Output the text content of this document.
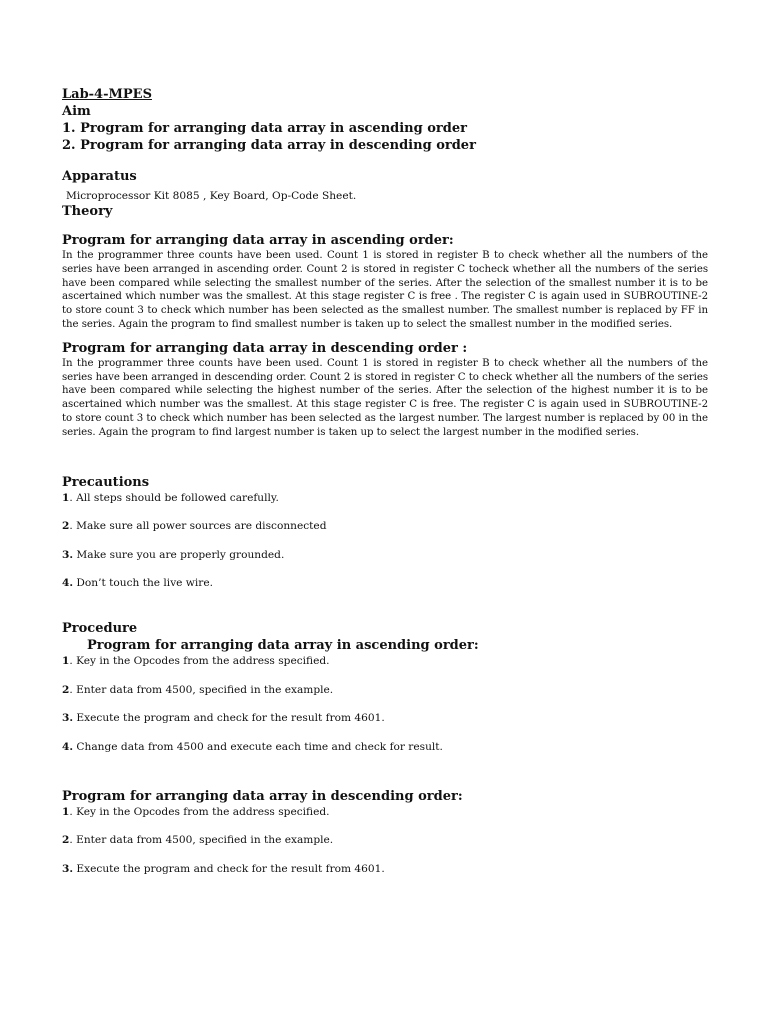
Lab-4-MPES

Aim

1. Program for arranging data array in ascending order

2. Program for arranging data array in descending order

Apparatus

Microprocessor Kit 8085 , Key Board, Op-Code Sheet.

Theory

Program for arranging data array in ascending order:

In the programmer three counts have been used. Count 1 is stored in register B to check whether all the numbers of the series have been arranged in ascending order. Count 2 is stored in register C tocheck whether all the numbers of the series have been compared while selecting the smallest number of the series. After the selection of the smallest number it is to be ascertained which number was the smallest. At this stage register C is free . The register C is again used in SUBROUTINE-2 to store count 3 to check which number has been selected as the smallest number. The smallest number is replaced by FF in the series. Again the program to find smallest number is taken up to select the smallest number in the modified series.

Program for arranging data array in descending order :

In the programmer three counts have been used. Count 1 is stored in register B to check whether all the numbers of the series have been arranged in descending order. Count 2 is stored in register C to check whether all the numbers of the series have been compared while selecting the highest number of the series. After the selection of the highest number it is to be ascertained which number was the smallest. At this stage register C is free. The register C is again used in SUBROUTINE-2 to store count 3 to check which number has been selected as the largest number. The largest number is replaced by 00 in the series. Again the program to find largest number is taken up to select the largest number in the modified series.

Precautions

1. All steps should be followed carefully.

2. Make sure all power sources are disconnected

3. Make sure you are properly grounded.

4. Don’t touch the live wire.

Procedure

Program for arranging data array in ascending order:

1. Key in the Opcodes from the address specified.

2. Enter data from 4500, specified in the example.

3. Execute the program and check for the result from 4601.

4. Change data from 4500 and execute each time and check for result.

Program for arranging data array in descending order:

1. Key in the Opcodes from the address specified.

2. Enter data from 4500, specified in the example.

3. Execute the program and check for the result from 4601.
